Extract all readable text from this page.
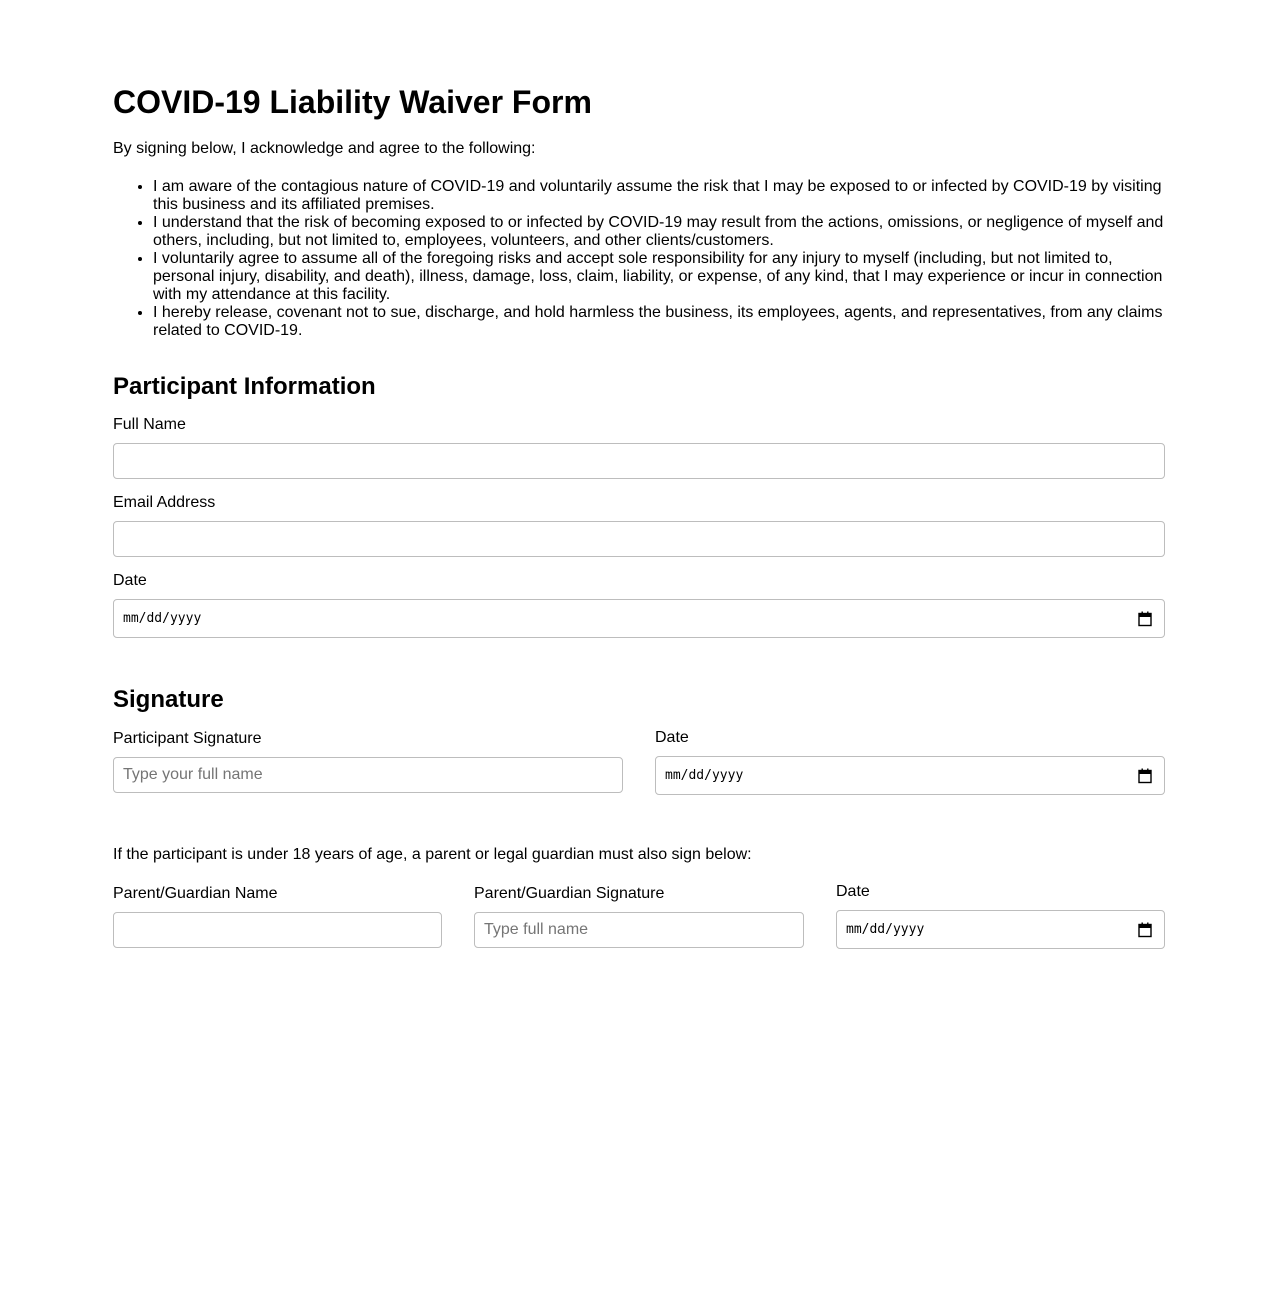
COVID-19 Liability Waiver Form

By signing below, I acknowledge and agree to the following:

• I am aware of the contagious nature of COVID-19 and voluntarily assume the risk that I may be exposed to or infected by COVID-19 by visiting this business and its affiliated premises.
• I understand that the risk of becoming exposed to or infected by COVID-19 may result from the actions, omissions, or negligence of myself and others, including, but not limited to, employees, volunteers, and other clients/customers.
• I voluntarily agree to assume all of the foregoing risks and accept sole responsibility for any injury to myself (including, but not limited to, personal injury, disability, and death), illness, damage, loss, claim, liability, or expense, of any kind, that I may experience or incur in connection with my attendance at this facility.
• I hereby release, covenant not to sue, discharge, and hold harmless the business, its employees, agents, and representatives, from any claims related to COVID-19.
Participant Information
Full Name
Email Address
Date
mm/dd/yyyy
Signature
Participant Signature
Type your full name
Date
mm/dd/yyyy

If the participant is under 18 years of age, a parent or legal guardian must also sign below:

Parent/Guardian Name	Parent/Guardian Signature
Type full name
Date
mm/dd/yyyy
